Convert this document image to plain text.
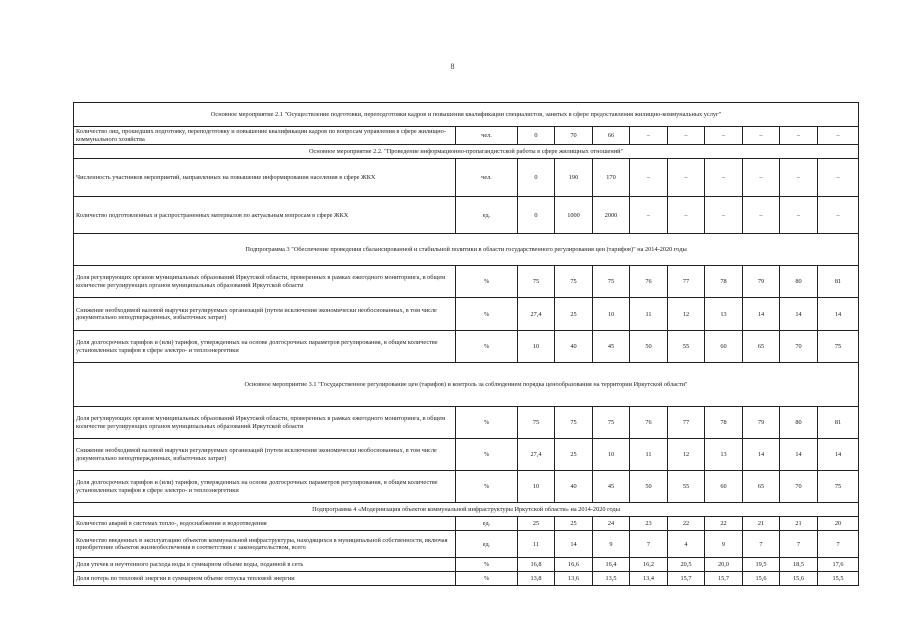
8
Основное мероприятие 2.1 "Осуществление подготовки, переподготовки кадров и повышения квалификации специалистов, занятых в сфере предоставления жилищно-коммунальных услуг"										
Количество лиц, прошедших подготовку, переподготовку и повышение квалификации кадров по вопросам управления в сфере жилищно-коммунального хозяйства	чел.	0	70	66	–	–	–	–	–	–
Основное мероприятие 2.2. "Проведение информационно-пропагандистской работы в сфере жилищных отношений"										
Численность участников мероприятий, направленных на повышение информирования населения в сфере ЖКХ	чел.	0	190	170	–	–	–	–	–	–
Количество подготовленных и распространенных материалов по актуальным вопросам в сфере ЖКХ	ед.	0	1000	2000	–	–	–	–	–	–
Подпрограмма 3 "Обеспечение проведения сбалансированной и стабильной политики в области государственного регулирования цен (тарифов)" на 2014-2020 годы										
Доля регулирующих органов муниципальных образований Иркутской области, проверенных в рамках ежегодного мониторинга, в общем количестве регулирующих органов муниципальных образований Иркутской области	%	75	75	75	76	77	78	79	80	81
Снижение необходимой валовой выручки регулируемых организаций (путем исключения экономически необоснованных, в том числе документально неподтвержденных, избыточных затрат)	%	27,4	25	10	11	12	13	14	14	14
Доля долгосрочных тарифов и (или) тарифов, утвержденных на основе долгосрочных параметров регулирования, в общем количестве установленных тарифов в сфере электро- и теплоэнергетики	%	10	40	45	50	55	60	65	70	75
Основное мероприятие 3.1 "Государственное регулирование цен (тарифов) и контроль за соблюдением порядка ценообразования на территории Иркутской области"										
Доля регулирующих органов муниципальных образований Иркутской области, проверенных в рамках ежегодного мониторинга, в общем количестве регулирующих органов муниципальных образований Иркутской области	%	75	75	75	76	77	78	79	80	81
Снижение необходимой валовой выручки регулируемых организаций (путем исключения экономически необоснованных, в том числе документально неподтвержденных, избыточных затрат)	%	27,4	25	10	11	12	13	14	14	14
Доля долгосрочных тарифов и (или) тарифов, утвержденных на основе долгосрочных параметров регулирования, в общем количестве установленных тарифов в сфере электро- и теплоэнергетики	%	10	40	45	50	55	60	65	70	75
Подпрограмма 4 «Модернизация объектов коммунальной инфраструктуры Иркутской области» на 2014-2020 годы										
Количество аварий в системах тепло-, водоснабжения и водоотведения	ед.	25	25	24	23	22	22	21	21	20
Количество введенных в эксплуатацию объектов коммунальной инфраструктуры, находящихся в муниципальной собственности, включая приобретение объектов жизнеобеспечения в соответствии с законодательством, всего	ед.	11	14	9	7	4	9	7	7	7
Доля утечек и неучтенного расхода воды в суммарном объеме воды, поданной в сеть	%	16,8	16,6	16,4	16,2	20,5	20,0	19,5	18,5	17,6
Доля потерь по тепловой энергии в суммарном объеме отпуска тепловой энергии	%	13,8	13,6	13,5	13,4	15,7	15,7	15,6	15,6	15,5
